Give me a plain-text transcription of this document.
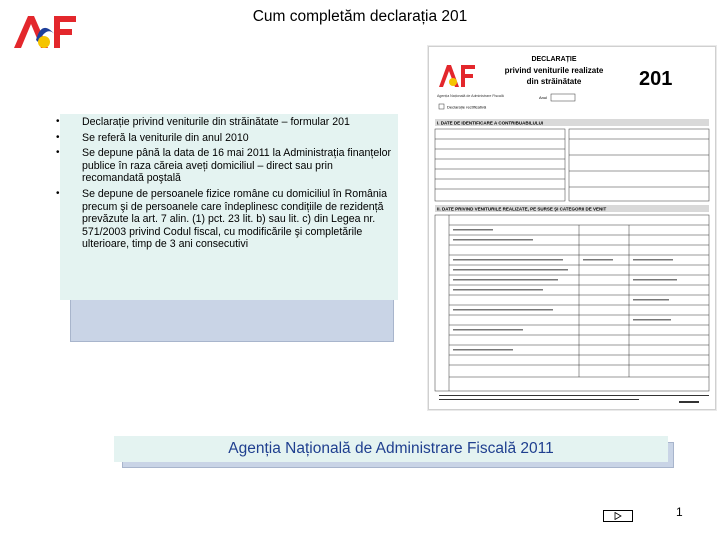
Cum completăm declarația 201
• Declarație privind veniturile din străinătate – formular 201
• Se referă la veniturile din anul 2010
• Se depune până la data de 16 mai 2011 la Administrația finanțelor publice în raza căreia aveți domiciliul – direct sau prin recomandată poştală
• Se depune de persoanele fizice române cu domiciliul în România precum şi de persoanele care îndeplinesc condițiile de rezidență prevăzute la art. 7 alin. (1) pct. 23 lit. b) sau lit. c) din Legea nr. 571/2003 privind Codul fiscal, cu modificările şi completările ulterioare, timp de 3 ani consecutivi
Agenția Națională de Administrare Fiscală
DECLARAȚIE
privind veniturile realizate
din străinătate	201
Anul
Declarație rectificativă
I. DATE DE IDENTIFICARE A CONTRIBUABILULUI
II. DATE PRIVIND VENITURILE REALIZATE, PE SURSE ŞI CATEGORII DE VENIT
Agenția Națională de Administrare Fiscală 2011
1
